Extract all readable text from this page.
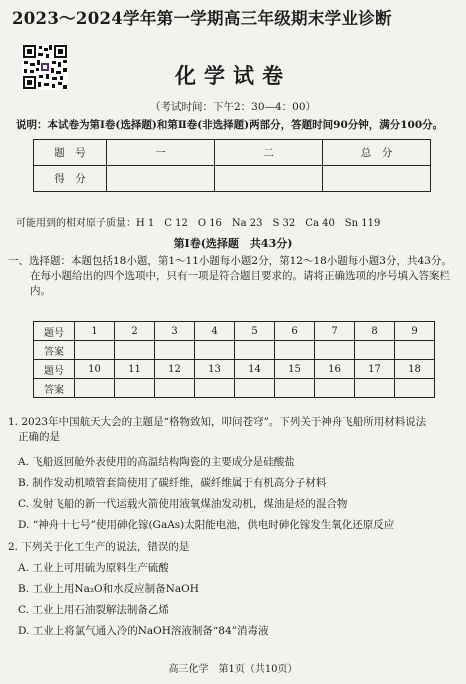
2023～2024学年第一学期高三年级期末学业诊断
化学试卷
（考试时间：下午2：30—4：00）
说明：本试卷为第Ⅰ卷(选择题)和第Ⅱ卷(非选择题)两部分，答题时间90分钟，满分100分。
题　号	一	二	总　分
得　分			
可能用到的相对原子质量：H 1　C 12　O 16　Na 23　S 32　Ca 40　Sn 119
第Ⅰ卷(选择题　共43分)
一、选择题：本题包括18小题，第1～11小题每小题2分，第12～18小题每小题3分，共43分。
在每小题给出的四个选项中，只有一项是符合题目要求的。请将正确选项的序号填入答案栏内。
题号	1	2	3	4	5	6	7	8	9
答案									
题号	10	11	12	13	14	15	16	17	18
答案									
1. 2023年中国航天大会的主题是“格物致知，叩问苍穹”。下列关于神舟飞船所用材料说法
正确的是
A. 飞船返回舱外表使用的高温结构陶瓷的主要成分是硅酸盐
B. 制作发动机喷管套筒使用了碳纤维，碳纤维属于有机高分子材料
C. 发射飞船的新一代运载火箭使用液氧煤油发动机，煤油是烃的混合物
D. “神舟十七号”使用砷化镓(GaAs)太阳能电池，供电时砷化镓发生氧化还原反应
2. 下列关于化工生产的说法，错误的是
A. 工业上可用硫为原料生产硫酸
B. 工业上用Na₂O和水反应制备NaOH
C. 工业上用石油裂解法制备乙烯
D. 工业上将氯气通入冷的NaOH溶液制备“84”消毒液
高三化学　第1页（共10页）
